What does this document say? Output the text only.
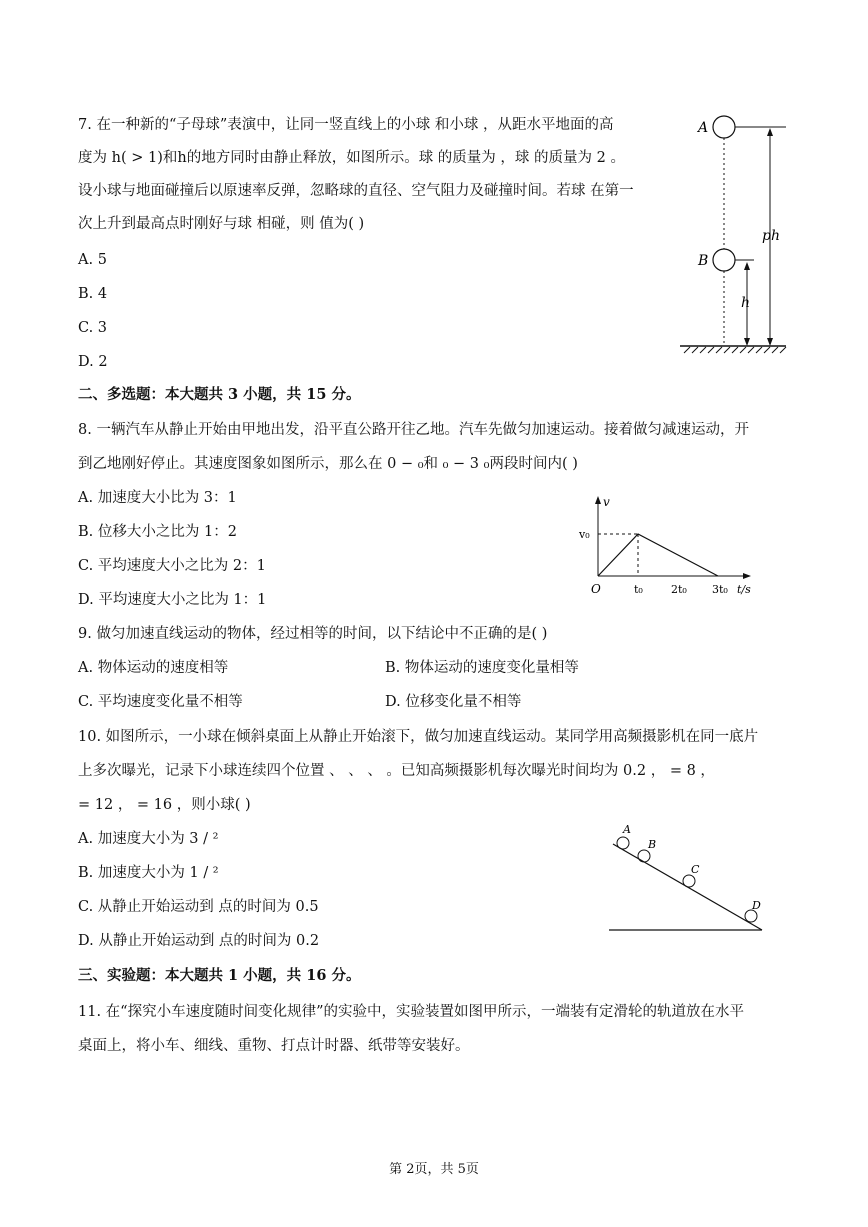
7. 在一种新的“子母球”表演中，让同一竖直线上的小球 和小球 ，从距水平地面的高
度为 h( > 1)和h的地方同时由静止释放，如图所示。球 的质量为 ，球 的质量为 2 。
设小球与地面碰撞后以原速率反弹，忽略球的直径、空气阻力及碰撞时间。若球 在第一
次上升到最高点时刚好与球 相碰，则 值为( )
A. 5
B. 4
C. 3
D. 2
A
B
ph
h
二、多选题：本大题共 3 小题，共 15 分。
8. 一辆汽车从静止开始由甲地出发，沿平直公路开往乙地。汽车先做匀加速运动。接着做匀减速运动，开
到乙地刚好停止。其速度图象如图所示，那么在 0 − ₀和 ₀ − 3 ₀两段时间内( )
A. 加速度大小比为 3：1
B. 位移大小之比为 1：2
C. 平均速度大小之比为 2：1
D. 平均速度大小之比为 1：1
v
v₀
O	t₀	2t₀ 3t₀ t/s
9. 做匀加速直线运动的物体，经过相等的时间，以下结论中不正确的是( )
A. 物体运动的速度相等	B. 物体运动的速度变化量相等
C. 平均速度变化量不相等	D. 位移变化量不相等
10. 如图所示，一小球在倾斜桌面上从静止开始滚下，做匀加速直线运动。某同学用高频摄影机在同一底片
上多次曝光，记录下小球连续四个位置 、 、 、 。已知高频摄影机每次曝光时间均为 0.2 ， = 8 ，
= 12 ， = 16 ，则小球( )
A. 加速度大小为 3 / ²
B. 加速度大小为 1 / ²
C. 从静止开始运动到 点的时间为 0.5
D. 从静止开始运动到 点的时间为 0.2
A
B
C
D
三、实验题：本大题共 1 小题，共 16 分。
11. 在“探究小车速度随时间变化规律”的实验中，实验装置如图甲所示，一端装有定滑轮的轨道放在水平
桌面上，将小车、细线、重物、打点计时器、纸带等安装好。
第 2页，共 5页
